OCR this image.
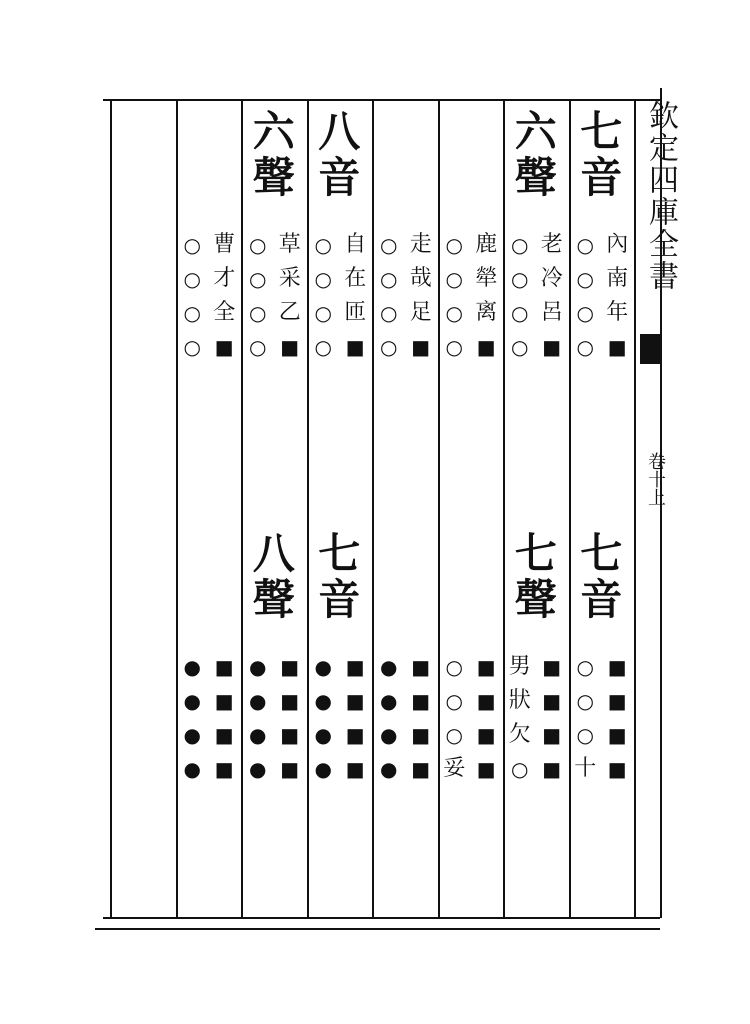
欽定四庫全書
卷十上
七
音
七
音
內
○
南
○
年
○
■
○
■
○
■
○
■
○
■
十
六
聲
七
聲
老
○
冷
○
呂
○
■
○
■
男
■
狀
■
欠
■
○
鹿
○
犖
○
离
○
■
○
■
○
■
○
■
○
■
妥
走
○
哉
○
足
○
■
○
■
●
■
●
■
●
■
●
八
音
七
音
自
○
在
○
匝
○
■
○
■
●
■
●
■
●
■
●
六
聲
八
聲
草
○
采
○
乙
○
■
○
■
●
■
●
■
●
■
●
曹
○
才
○
全
○
■
○
■
●
■
●
■
●
■
●
